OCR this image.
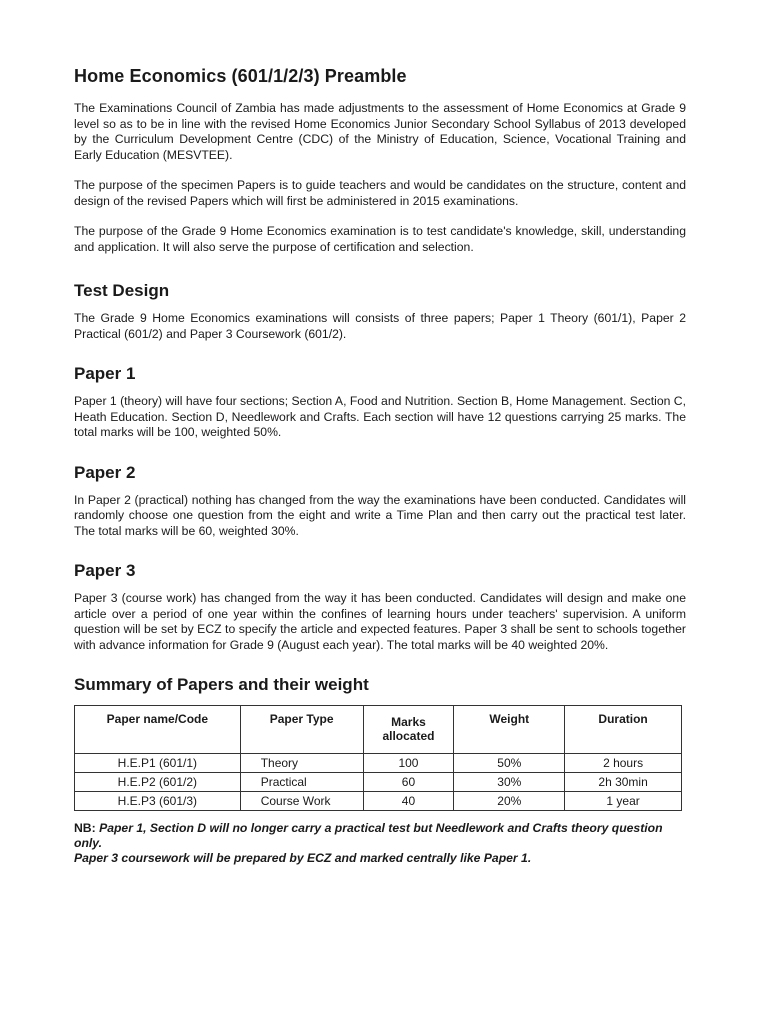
Home Economics (601/1/2/3) Preamble

The Examinations Council of Zambia has made adjustments to the assessment of Home Economics at Grade 9 level so as to be in line with the revised Home Economics Junior Secondary School Syllabus of 2013 developed by the Curriculum Development Centre (CDC) of the Ministry of Education, Science, Vocational Training and Early Education (MESVTEE).

The purpose of the specimen Papers is to guide teachers and would be candidates on the structure, content and design of the revised Papers which will first be administered in 2015 examinations.

The purpose of the Grade 9 Home Economics examination is to test candidate's knowledge, skill, understanding and application. It will also serve the purpose of certification and selection.

Test Design

The Grade 9 Home Economics examinations will consists of three papers; Paper 1 Theory (601/1), Paper 2 Practical (601/2) and Paper 3 Coursework (601/2).

Paper 1

Paper 1 (theory) will have four sections; Section A, Food and Nutrition. Section B, Home Management. Section C, Heath Education. Section D, Needlework and Crafts. Each section will have 12 questions carrying 25 marks. The total marks will be 100, weighted 50%.

Paper 2

In Paper 2 (practical) nothing has changed from the way the examinations have been conducted. Candidates will randomly choose one question from the eight and write a Time Plan and then carry out the practical test later. The total marks will be 60, weighted 30%.

Paper 3

Paper 3 (course work) has changed from the way it has been conducted. Candidates will design and make one article over a period of one year within the confines of learning hours under teachers' supervision. A uniform question will be set by ECZ to specify the article and expected features. Paper 3 shall be sent to schools together with advance information for Grade 9 (August each year). The total marks will be 40 weighted 20%.

Summary of Papers and their weight
Paper name/Code	Paper Type	Marks allocated	Weight	Duration
H.E.P1 (601/1)	Theory	100	50%	2 hours
H.E.P2 (601/2)	Practical	60	30%	2h 30min
H.E.P3 (601/3)	Course Work	40	20%	1 year
NB: Paper 1, Section D will no longer carry a practical test but Needlework and Crafts theory question only.
Paper 3 coursework will be prepared by ECZ and marked centrally like Paper 1.
